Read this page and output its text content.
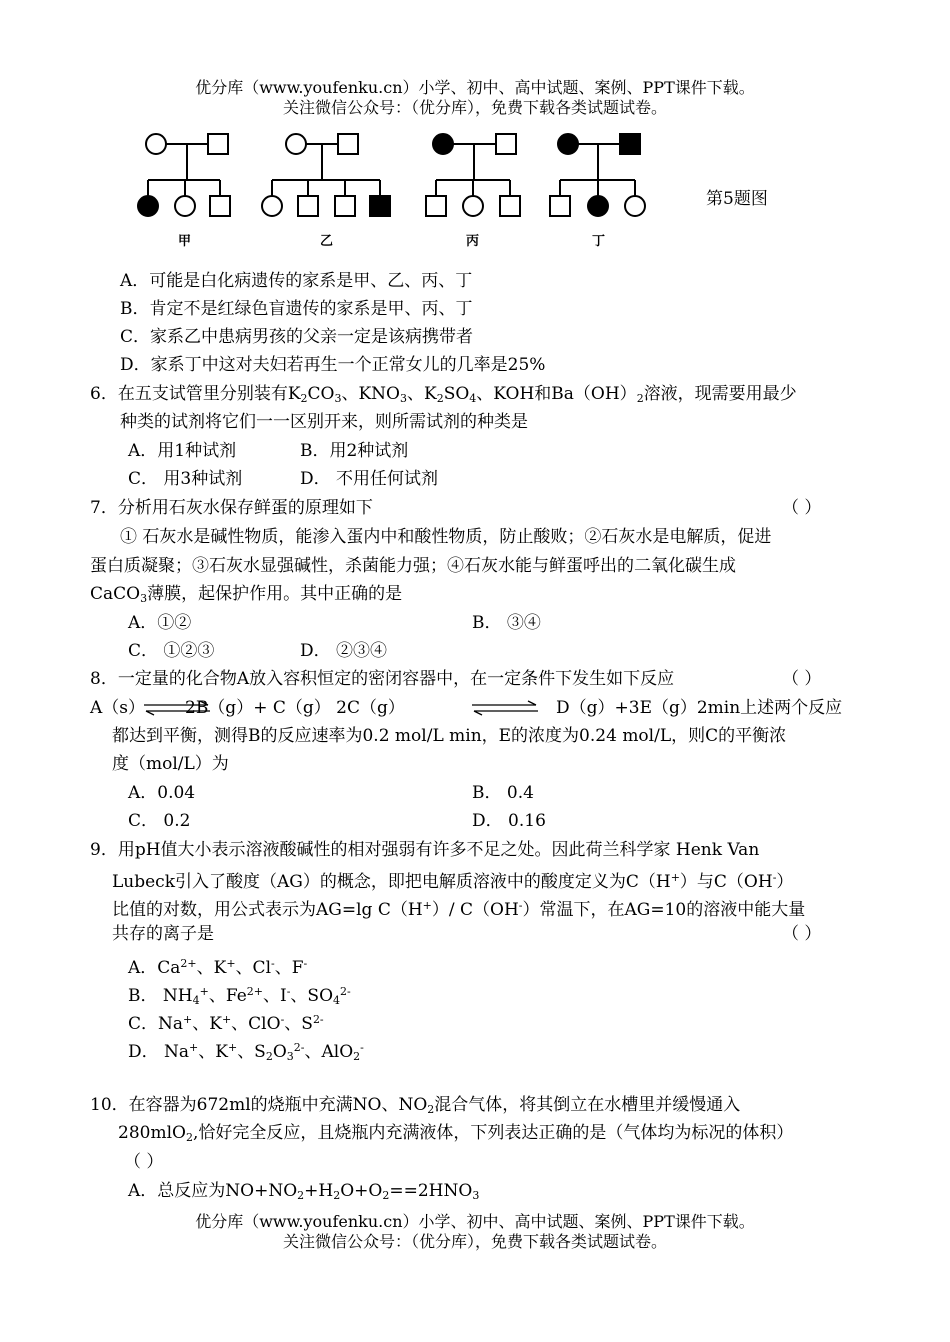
优分库（www.youfenku.cn）小学、初中、高中试题、案例、PPT课件下载。
关注微信公众号：（优分库），免费下载各类试题试卷。
甲	乙	丙	丁
第5题图
A．可能是白化病遗传的家系是甲、乙、丙、丁
B．肯定不是红绿色盲遗传的家系是甲、丙、丁
C．家系乙中患病男孩的父亲一定是该病携带者
D．家系丁中这对夫妇若再生一个正常女儿的几率是25%
6．在五支试管里分别装有$K_2CO_3$、$KNO_3$、$K_2SO_4$、KOH和$Ba(OH)_2$溶液，现需要用最少
种类的试剂将它们一一区别开来，则所需试剂的种类是
A．用1种试剂	B．用2种试剂
C． 用3种试剂	D． 不用任何试剂
7．分析用石灰水保存鲜蛋的原理如下	（ ）
① 石灰水是碱性物质，能渗入蛋内中和酸性物质，防止酸败；②石灰水是电解质，促进
蛋白质凝聚；③石灰水显强碱性，杀菌能力强；④石灰水能与鲜蛋呼出的二氧化碳生成
CaCO$_3$薄膜，起保护作用。其中正确的是
A．①②	B． ③④
C． ①②③	D． ②③④
8．一定量的化合物A放入容积恒定的密闭容器中，在一定条件下发生如下反应	（ ）
A（s） 2B（g）+ C（g） 2C（g）	D（g）+3E（g）2min上述两个反应
都达到平衡，测得B的反应速率为0.2 mol/L min，E的浓度为0.24 mol/L，则C的平衡浓
度（mol/L）为
A．0.04	B． 0.4
C． 0.2	D． 0.16
9．用pH值大小表示溶液酸碱性的相对强弱有许多不足之处。因此荷兰科学家 Henk Van
Lubeck引入了酸度（AG）的概念，即把电解质溶液中的酸度定义为C（H+）与C（OH-）
比值的对数，用公式表示为AG=lg C（H+）/ C（OH-）常温下，在AG=10的溶液中能大量
共存的离子是	（ ）
A．$Ca^{2+}$、K+、Cl-、F-
B． $NH_4^+$、$Fe^{2+}$、I-、$SO_4^{2-}$
C．Na+、K+、ClO-、$S^{2-}$
D． Na+、K+、$S_2O_3^{2-}$、AlO$_2$-
10．在容器为672ml的烧瓶中充满NO、$NO_2$混合气体，将其倒立在水槽里并缓慢通入
280mlO$_2$,恰好完全反应，且烧瓶内充满液体，下列表达正确的是（气体均为标况的体积）
（ ）
A．总反应为$NO+NO_2+H_2O+O_2==2HNO_3$
优分库（www.youfenku.cn）小学、初中、高中试题、案例、PPT课件下载。
关注微信公众号：（优分库），免费下载各类试题试卷。
